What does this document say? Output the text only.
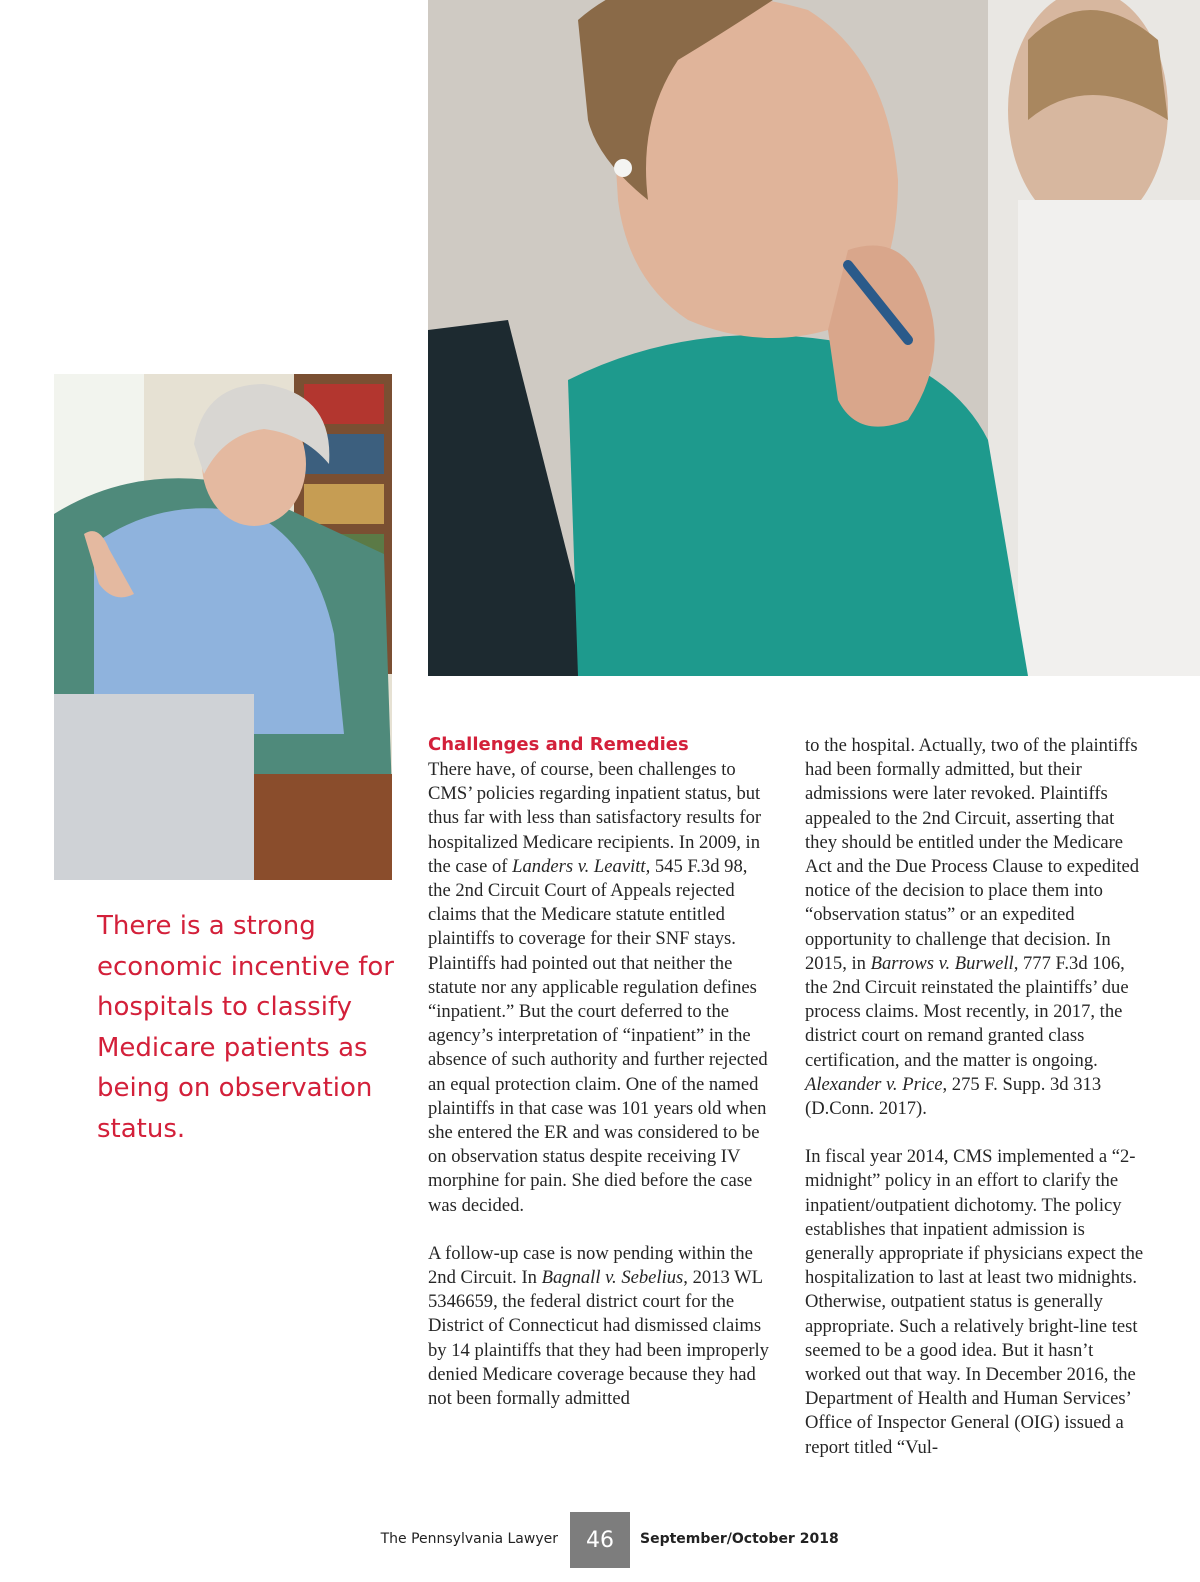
There is a strong economic incentive for hospitals to classify Medicare patients as being on observation status.

Challenges and Remedies

There have, of course, been challenges to CMS’ policies regarding inpatient status, but thus far with less than satisfactory results for hospitalized Medicare recipients. In 2009, in the case of Landers v. Leavitt, 545 F.3d 98, the 2nd Circuit Court of Appeals rejected claims that the Medicare statute entitled plaintiffs to coverage for their SNF stays. Plaintiffs had pointed out that neither the statute nor any applicable regulation defines “inpatient.” But the court deferred to the agency’s interpretation of “inpatient” in the absence of such authority and further rejected an equal protection claim. One of the named plaintiffs in that case was 101 years old when she entered the ER and was considered to be on observation status despite receiving IV morphine for pain. She died before the case was decided.

A follow-up case is now pending within the 2nd Circuit. In Bagnall v. Sebelius, 2013 WL 5346659, the federal district court for the District of Connecticut had dismissed claims by 14 plaintiffs that they had been improperly denied Medicare coverage because they had not been formally admitted

to the hospital. Actually, two of the plaintiffs had been formally admitted, but their admissions were later revoked. Plaintiffs appealed to the 2nd Circuit, asserting that they should be entitled under the Medicare Act and the Due Process Clause to expedited notice of the decision to place them into “observation status” or an expedited opportunity to challenge that decision. In 2015, in Barrows v. Burwell, 777 F.3d 106, the 2nd Circuit reinstated the plaintiffs’ due process claims. Most recently, in 2017, the district court on remand granted class certification, and the matter is ongoing. Alexander v. Price, 275 F. Supp. 3d 313 (D.Conn. 2017).

In fiscal year 2014, CMS implemented a “2-midnight” policy in an effort to clarify the inpatient/outpatient dichotomy. The policy establishes that inpatient admission is generally appropriate if physicians expect the hospitalization to last at least two midnights. Otherwise, outpatient status is generally appropriate. Such a relatively bright-line test seemed to be a good idea. But it hasn’t worked out that way. In December 2016, the Department of Health and Human Services’ Office of Inspector General (OIG) issued a report titled “Vul-

The Pennsylvania Lawyer	46	September/October 2018
